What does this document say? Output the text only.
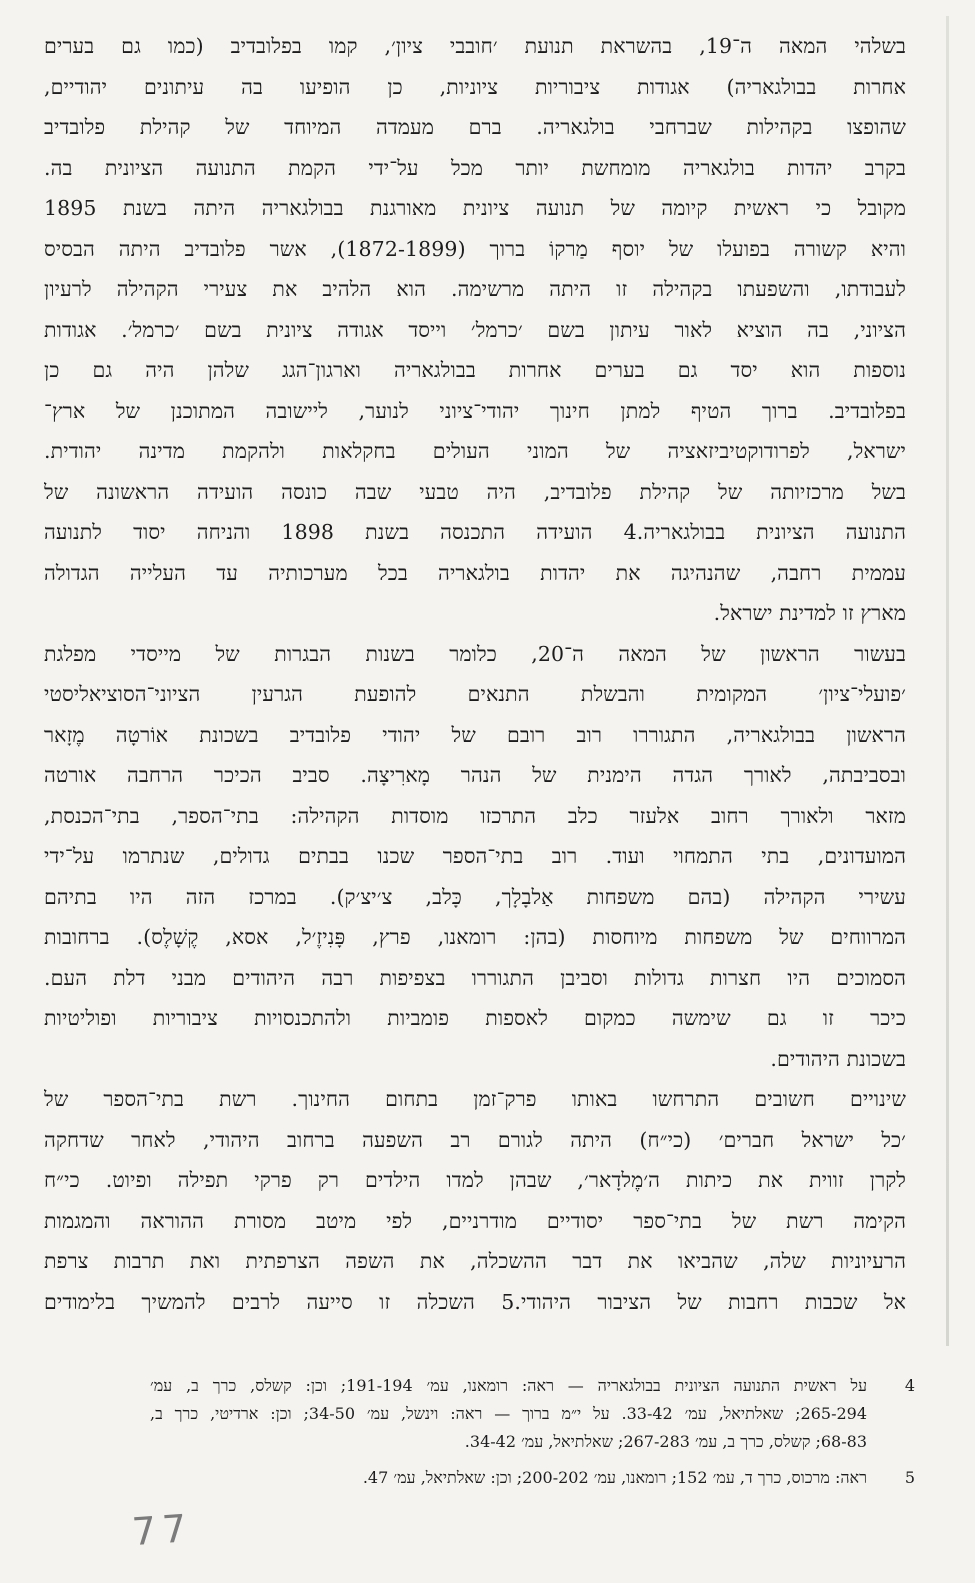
בשלהי המאה ה־19, בהשראת תנועת ׳חובבי ציון׳, קמו בפלובדיב (כמו גם בערים
אחרות בבולגאריה) אגודות ציבוריות ציוניות, כן הופיעו בה עיתונים יהודיים,
שהופצו בקהילות שברחבי בולגאריה. ברם מעמדה המיוחד של קהילת פלובדיב
בקרב יהדות בולגאריה מומחשת יותר מכל על־ידי הקמת התנועה הציונית בה.
מקובל כי ראשית קיומה של תנועה ציונית מאורגנת בבולגאריה היתה בשנת 1895
והיא קשורה בפועלו של יוסף מַרקוֹ ברוך (1872-1899), אשר פלובדיב היתה הבסיס
לעבודתו, והשפעתו בקהילה זו היתה מרשימה. הוא הלהיב את צעירי הקהילה לרעיון
הציוני, בה הוציא לאור עיתון בשם ׳כרמל׳ וייסד אגודה ציונית בשם ׳כרמל׳. אגודות
נוספות הוא יסד גם בערים אחרות בבולגאריה וארגון־הגג שלהן היה גם כן
בפלובדיב. ברוך הטיף למתן חינוך יהודי־ציוני לנוער, ליישובה המתוכנן של ארץ־
ישראל, לפרודוקטיביזאציה של המוני העולים בחקלאות ולהקמת מדינה יהודית.
בשל מרכזיותה של קהילת פלובדיב, היה טבעי שבה כונסה הועידה הראשונה של
התנועה הציונית בבולגאריה.4 הועידה התכנסה בשנת 1898 והניחה יסוד לתנועה
עממית רחבה, שהנהיגה את יהדות בולגאריה בכל מערכותיה עד העלייה הגדולה
מארץ זו למדינת ישראל.
בעשור הראשון של המאה ה־20, כלומר בשנות הבגרות של מייסדי מפלגת
׳פועלי־ציון׳ המקומית והבשלת התנאים להופעת הגרעין הציוני־הסוציאליסטי
הראשון בבולגאריה, התגוררו רוב רובם של יהודי פלובדיב בשכונת אוֹרטָה מֶזָאר
ובסביבתה, לאורך הגדה הימנית של הנהר מָארִיצָה. סביב הכיכר הרחבה אורטה
מזאר ולאורך רחוב אלעזר כלב התרכזו מוסדות הקהילה: בתי־הספר, בתי־הכנסת,
המועדונים, בתי התמחוי ועוד. רוב בתי־הספר שכנו בבתים גדולים, שנתרמו על־ידי
עשירי הקהילה (בהם משפחות אַלבָלָך, כָּלב, צ׳יצ׳ק). במרכז הזה היו בתיהם
המרווחים של משפחות מיוחסות (בהן: רומאנו, פרץ, פָּנִיזֶ׳ל, אסא, קֶשָׁלֶס). ברחובות
הסמוכים היו חצרות גדולות וסביבן התגוררו בצפיפות רבה היהודים מבני דלת העם.
כיכר זו גם שימשה כמקום לאספות פומביות ולהתכנסויות ציבוריות ופוליטיות
בשכונת היהודים.
שינויים חשובים התרחשו באותו פרק־זמן בתחום החינוך. רשת בתי־הספר של
׳כל ישראל חברים׳ (כי״ח) היתה לגורם רב השפעה ברחוב היהודי, לאחר שדחקה
לקרן זווית את כיתות ה׳מֶלדָאר׳, שבהן למדו הילדים רק פרקי תפילה ופיוט. כי״ח
הקימה רשת של בתי־ספר יסודיים מודרניים, לפי מיטב מסורת ההוראה והמגמות
הרעיוניות שלה, שהביאו את דבר ההשכלה, את השפה הצרפתית ואת תרבות צרפת
אל שכבות רחבות של הציבור היהודי.5 השכלה זו סייעה לרבים להמשיך בלימודים
4
על ראשית התנועה הציונית בבולגאריה — ראה: רומאנו, עמ׳ 191-194; וכן: קשלס, כרך ב, עמ׳
265-294; שאלתיאל, עמ׳ 33-42. על י״מ ברוך — ראה: וינשל, עמ׳ 34-50; וכן: ארדיטי, כרך ב,
68-83; קשלס, כרך ב, עמ׳ 267-283; שאלתיאל, עמ׳ 34-42.
5
ראה: מרכוס, כרך ד, עמ׳ 152; רומאנו, עמ׳ 200-202; וכן: שאלתיאל, עמ׳ 47.
77
